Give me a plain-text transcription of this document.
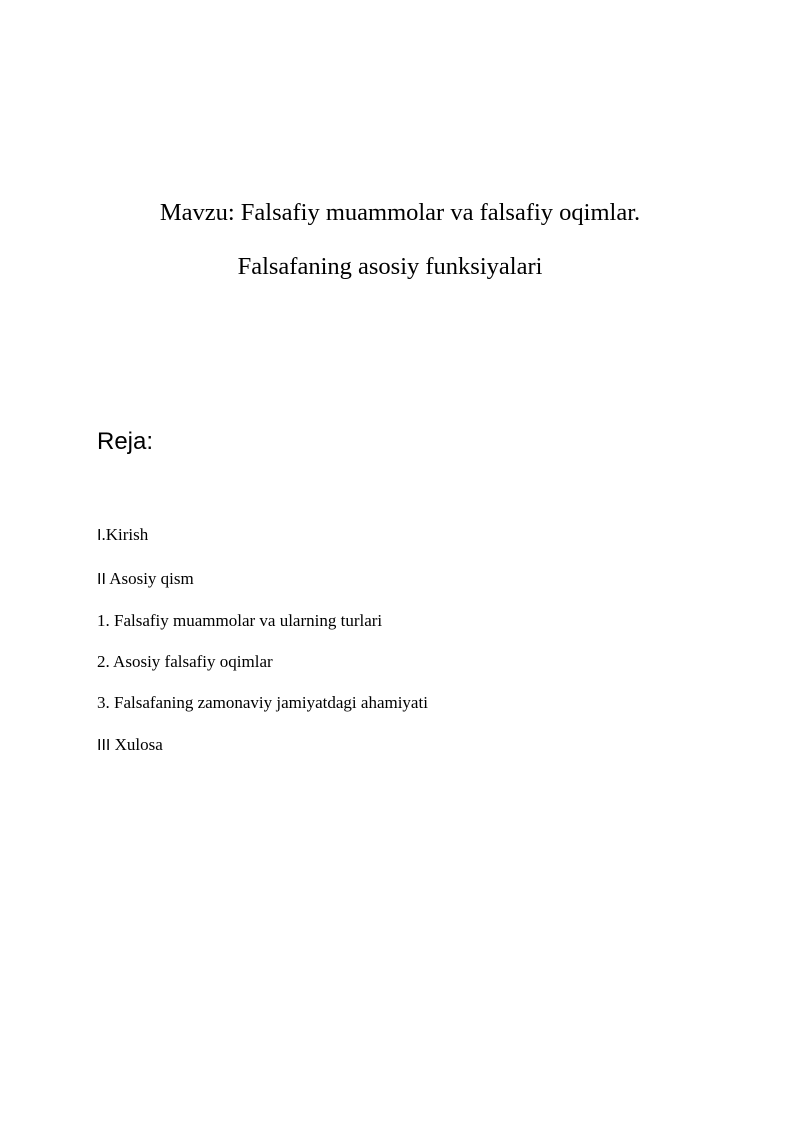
Mavzu: Falsafiy muammolar va falsafiy oqimlar.
Falsafaning asosiy funksiyalari
Reja:
I.Kirish
II Asosiy qism
1. Falsafiy muammolar va ularning turlari
2. Asosiy falsafiy oqimlar
3. Falsafaning zamonaviy jamiyatdagi ahamiyati
III Xulosa
